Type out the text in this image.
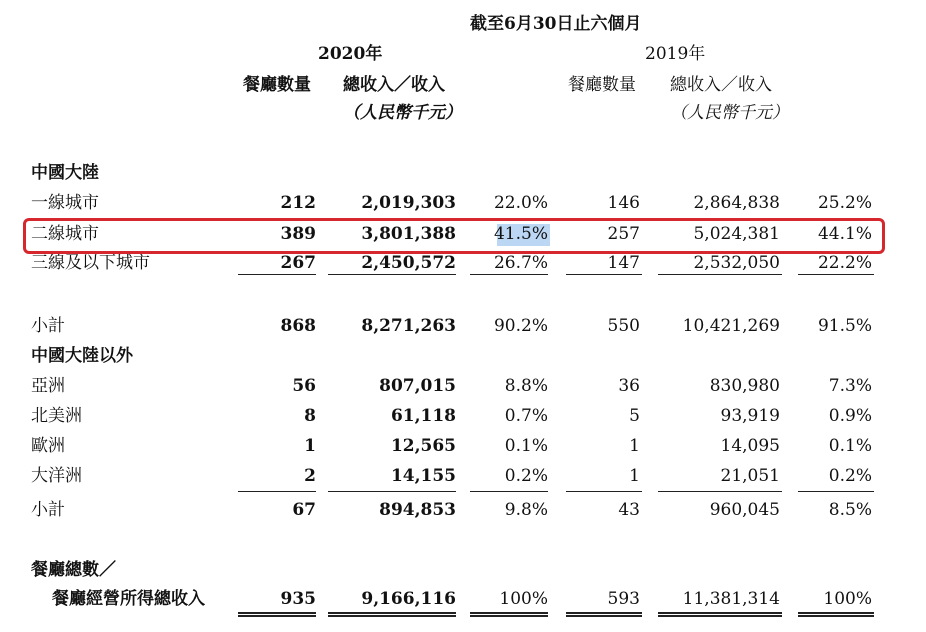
截至6月30日止六個月
2020年	2019年
餐廳數量 總收入／收入
（人民幣千元）
餐廳數量 總收入／收入
（人民幣千元）
中國大陸
一線城市	212	2,019,303	22.0%	146	2,864,838	25.2%
二線城市	389	3,801,388	41.5%	257	5,024,381	44.1%
三線及以下城市	267	2,450,572	26.7%	147	2,532,050	22.2%
小計	868	8,271,263	90.2%	550	10,421,269	91.5%
中國大陸以外
亞洲	56	807,015	8.8%	36	830,980	7.3%
北美洲	8	61,118	0.7%	5	93,919	0.9%
歐洲	1	12,565	0.1%	1	14,095	0.1%
大洋洲	2	14,155	0.2%	1	21,051	0.2%
小計	67	894,853	9.8%	43	960,045	8.5%
餐廳總數／
餐廳經營所得總收入	935	9,166,116	100%	593	11,381,314	100%
